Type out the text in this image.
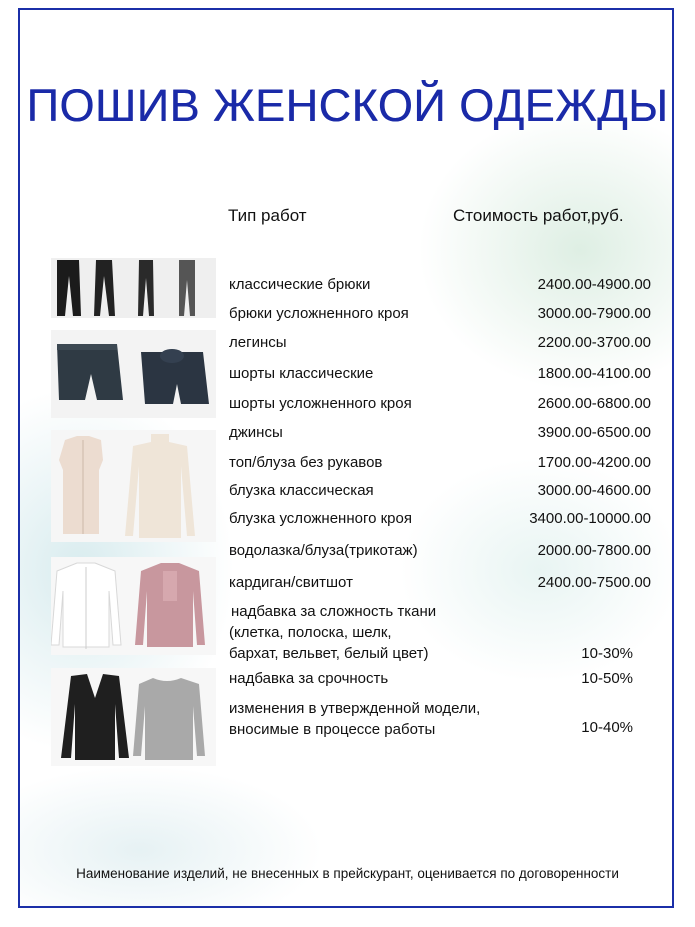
ПОШИВ ЖЕНСКОЙ ОДЕЖДЫ
Тип работ	Стоимость работ,руб.
классические брюки	2400.00-4900.00
брюки усложненного кроя	3000.00-7900.00
легинсы	2200.00-3700.00
шорты классические	1800.00-4100.00
шорты усложненного кроя	2600.00-6800.00
джинсы	3900.00-6500.00
топ/блуза без рукавов	1700.00-4200.00
блузка классическая	3000.00-4600.00
блузка усложненного кроя	3400.00-10000.00
водолазка/блуза(трикотаж)	2000.00-7800.00
кардиган/свитшот	2400.00-7500.00
надбавка за сложность ткани
(клетка, полоска, шелк,
бархат, вельвет, белый цвет)	10-30%
надбавка за срочность	10-50%
изменения в утвержденной модели,
вносимые в процессе работы	10-40%
Наименование изделий, не внесенных в прейскурант, оценивается по договоренности
